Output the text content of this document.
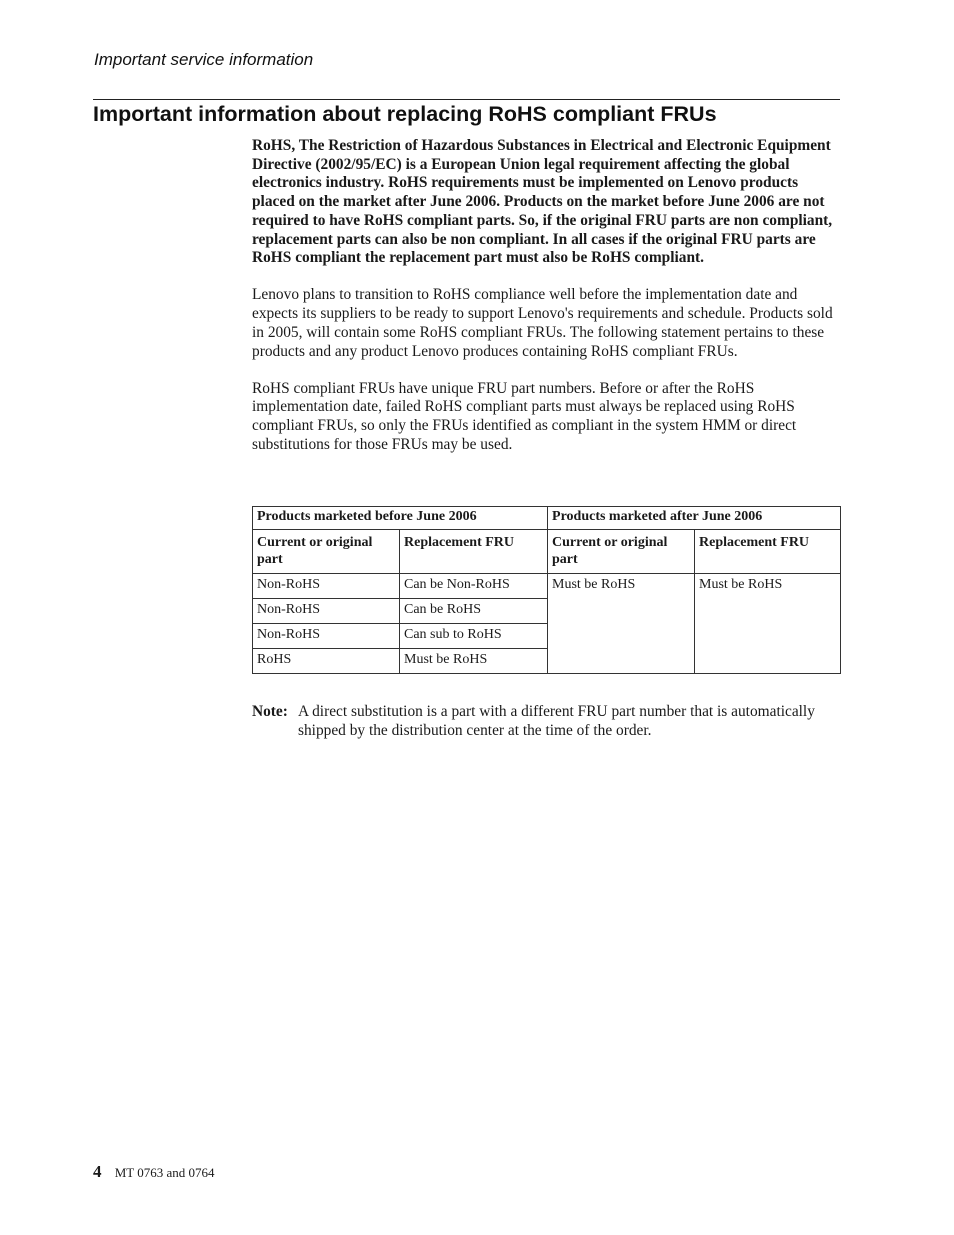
Important service information
Important information about replacing RoHS compliant FRUs

RoHS, The Restriction of Hazardous Substances in Electrical and Electronic Equipment Directive (2002/95/EC) is a European Union legal requirement affecting the global electronics industry. RoHS requirements must be implemented on Lenovo products placed on the market after June 2006. Products on the market before June 2006 are not required to have RoHS compliant parts. So, if the original FRU parts are non compliant, replacement parts can also be non compliant. In all cases if the original FRU parts are RoHS compliant the replacement part must also be RoHS compliant.

Lenovo plans to transition to RoHS compliance well before the implementation date and expects its suppliers to be ready to support Lenovo's requirements and schedule. Products sold in 2005, will contain some RoHS compliant FRUs. The following statement pertains to these products and any product Lenovo produces containing RoHS compliant FRUs.

RoHS compliant FRUs have unique FRU part numbers. Before or after the RoHS implementation date, failed RoHS compliant parts must always be replaced using RoHS compliant FRUs, so only the FRUs identified as compliant in the system HMM or direct substitutions for those FRUs may be used.

Products marketed before June 2006		Products marketed after June 2006	
Current or original part	Replacement FRU	Current or original part	Replacement FRU
Non-RoHS	Can be Non-RoHS	Must be RoHS	Must be RoHS
Non-RoHS	Can be RoHS		
Non-RoHS	Can sub to RoHS		
RoHS	Must be RoHS		
Note: A direct substitution is a part with a different FRU part number that is automatically shipped by the distribution center at the time of the order.
4 MT 0763 and 0764
